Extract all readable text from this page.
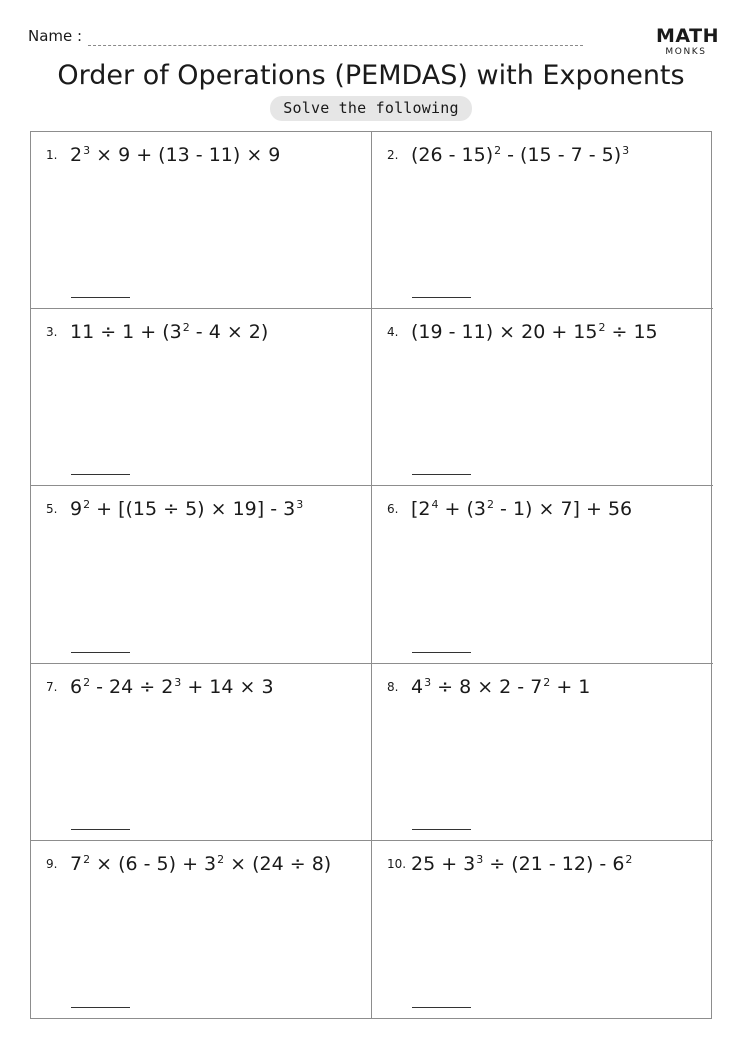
Name :	MATH
MONKS
Order of Operations (PEMDAS) with Exponents
Solve the following
1. $2^3 \times 9 + (13 - 11) \times 9$	2. (26 - 15)$^2$ - (15 - 7 - 5)$^3$
3. $11 \div 1 + (3^2 - 4 \times 2)$	4. $(19 - 11) \times 20 + 15^2 \div 15$
5. $9^2 + [(15 \div 5) \times 19] - 3^3$	6. $[2^4 + (3^2 - 1) \times 7] + 56$
7. $6^2 - 24 \div 2^3 + 14 \times 3$	8. $4^3 \div 8 \times 2 - 7^2 + 1$
9. $7^2 \times (6 - 5) + 3^2 \times (24 \div 8)$	10. $25 + 3^3 \div (21 - 12) - 6^2$
